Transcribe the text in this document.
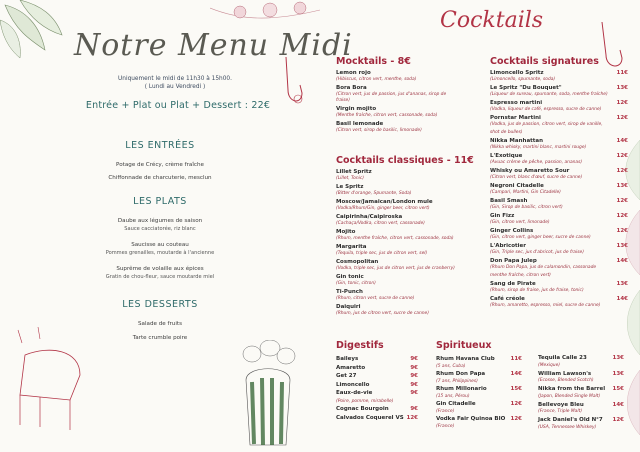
Notre Menu Midi
Uniquement le midi de 11h30 à 15h00.
( Lundi au Vendredi )
Entrée + Plat ou Plat + Dessert : 22€
LES ENTRÉES
Potage de Crécy, crème fraîche
Chiffonnade de charcuterie, mesclun
LES PLATS
Daube aux légumes de saison
Sauce cacciatorée, riz blanc
Saucisse au couteau
Pommes grenailles, moutarde à l'ancienne
Suprême de volaille aux épices
Gratin de chou-fleur, sauce moutarde miel
LES DESSERTS
Salade de fruits
Tarte crumble poire
Cocktails
Mocktails - 8€
Lemon rojo
(Hibiscus, citron vert, menthe, soda)
Bora Bora
(Citron vert, jus de passion, jus d'ananas, sirop de
fraise)
Virgin mojito
(Menthe fraîche, citron vert, cassonade, soda)
Basil lemonade
(Citron vert, sirop de basilic, limonade)
Cocktails classiques - 11€
Cocktails signatures
Digestifs	Spiritueux
Lillet Spritz
(Lillet, Tonic)
Le Spritz
(Bitter d'orange, Spumante, Soda)
Moscow/Jamaican/London mule
(Vodka/Rhum/Gin, ginger beer, citron vert)
Caipirinha/Caipiroska
(Cachaça/Vodka, citron vert, cassonade)
Mojito
(Rhum, menthe fraîche, citron vert, cassonade, soda)
Margarita
(Tequila, triple sec, jus de citron vert, sel)
Cosmopolitan
(Vodka, triple sec, jus de citron vert, jus de cranberry)
Gin tonic
(Gin, tonic, citron)
Ti-Punch
(Rhum, citron vert, sucre de canne)
Daiquiri
(Rhum, jus de citron vert, sucre de canne)
Limoncello Spritz	11€
(Limoncello, spumante, soda)
Le Spritz "Du Bouquet"	13€
(Liqueur de sureau, spumante, soda, menthe fraîche)
Espresso martini	12€
(Vodka, liqueur de café, espresso, sucre de canne)
Pornstar Martini	12€
(Vodka, jus de passion, citron vert, sirop de vanille,
shot de bulles)
Nikka Manhattan	14€
(Nikka whisky, martini blanc, martini rouge)
L'Exotique	12€
(Avuac crème de pêche, passion, ananas)
Whisky ou Amaretto Sour	12€
(Citron vert, blanc d'œuf, sucre de canne)
Negroni Citadelle	13€
(Campari, Martini, Gin Citadelle)
Basil Smash	12€
(Gin, Sirop de basilic, citron vert)
Gin Fizz	12€
(Gin, citron vert, limonade)
Ginger Collins	12€
(Gin, citron vert, ginger beer, sucre de canne)
L'Abricotier	13€
(Gin, Triple sec, jus d'abricot, jus de fraise)
Don Papa Julep	14€
(Rhum Don Papa, jus de calamondin, cassonade
menthe fraîche, citron vert)
Sang de Pirate	13€
(Rhum, sirop de fraise, jus de fraise, tonic)
Café créole	14€
(Rhum, amaretto, espresso, miel, sucre de canne)
Baileys	9€
Amaretto	9€
Get 27	9€
Limoncello	9€
Eaux-de-vie	9€
(Poire, pomme, mirabelle)
Cognac Bourgoin	9€
Calvados Coquerel VS 12€
Rhum Havana Club	11€
(5 ans, Cuba)
Rhum Don Papa	14€
(7 ans, Philippines)
Rhum Millonario	15€
(15 ans, Pérou)
Gin Citadelle	12€
(France)
Vodka Fair Quinoa BIO 12€
(France)
Tequila Calle 23	13€
(Mexique)
William Lawson's	13€
(Ecosse, Blended Scotch)
Nikka from the Barrel	15€
(Japon, Blended Single Malt)
Bellevoye Bleu	14€
(France, Triple Malt)
Jack Daniel's Old N°7	12€
(USA, Tennessee Whiskey)
